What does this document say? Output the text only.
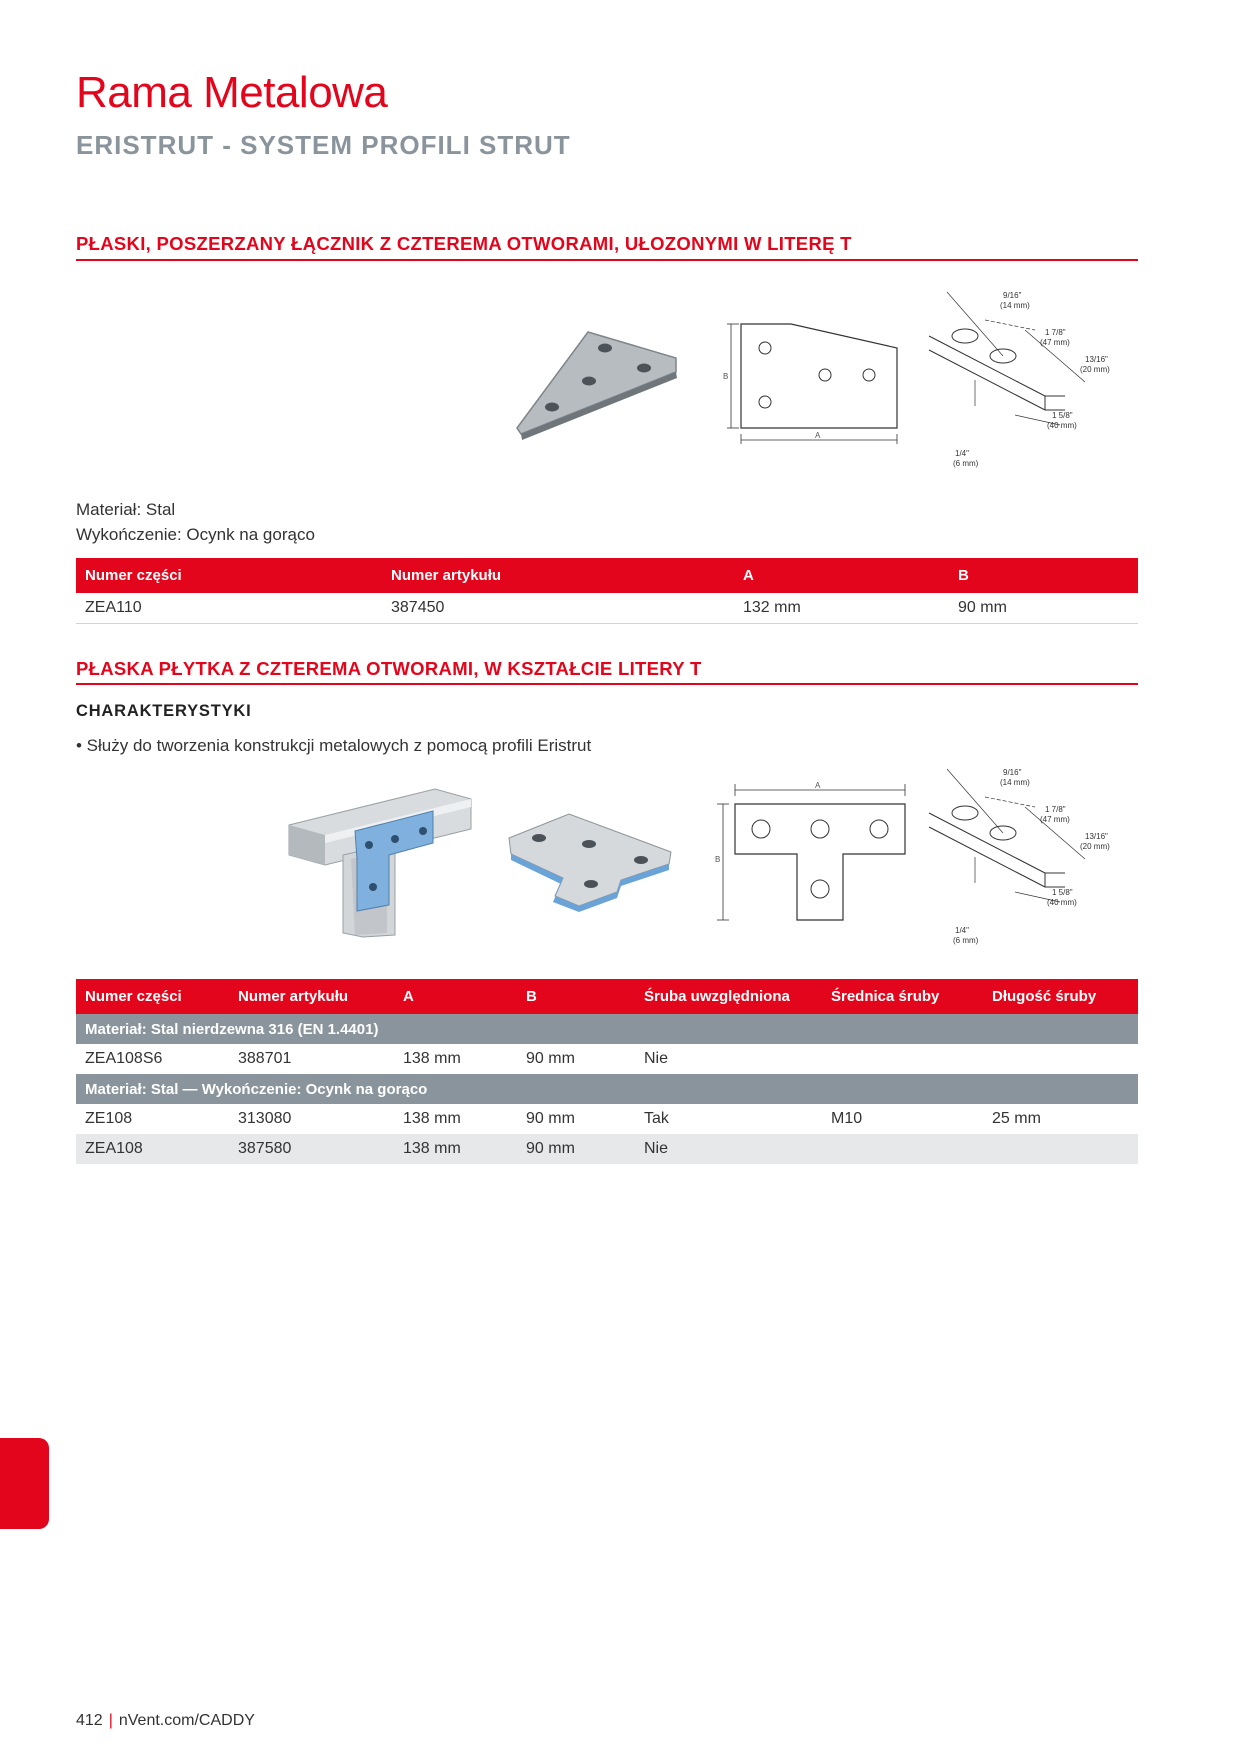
Rama Metalowa
ERISTRUT - SYSTEM PROFILI STRUT
PŁASKI, POSZERZANY ŁĄCZNIK Z CZTEREMA OTWORAMI, UŁOZONYMI W LITERĘ T
B
A
9/16"
(14 mm)
1 7/8"
(47 mm)
13/16"
(20 mm)
1 5/8"
(40 mm)
1/4"
(6 mm)
Materiał: Stal
Wykończenie: Ocynk na gorąco
Numer części	Numer artykułu	A	B
ZEA110	387450	132 mm	90 mm
PŁASKA PŁYTKA Z CZTEREMA OTWORAMI, W KSZTAŁCIE LITERY T
CHARAKTERYSTYKI
• Służy do tworzenia konstrukcji metalowych z pomocą profili Eristrut
A
B
9/16"
(14 mm)
1 7/8"
(47 mm)
13/16"
(20 mm)
1 5/8"
(40 mm)
1/4"
(6 mm)
Numer części	Numer artykułu	A	B	Śruba uwzględniona	Średnica śruby	Długość śruby
Materiał: Stal nierdzewna 316 (EN 1.4401)						
ZEA108S6	388701	138 mm	90 mm	Nie		
Materiał: Stal — Wykończenie: Ocynk na gorąco						
ZE108	313080	138 mm	90 mm	Tak	M10	25 mm
ZEA108	387580	138 mm	90 mm	Nie		
412 | nVent.com/CADDY
